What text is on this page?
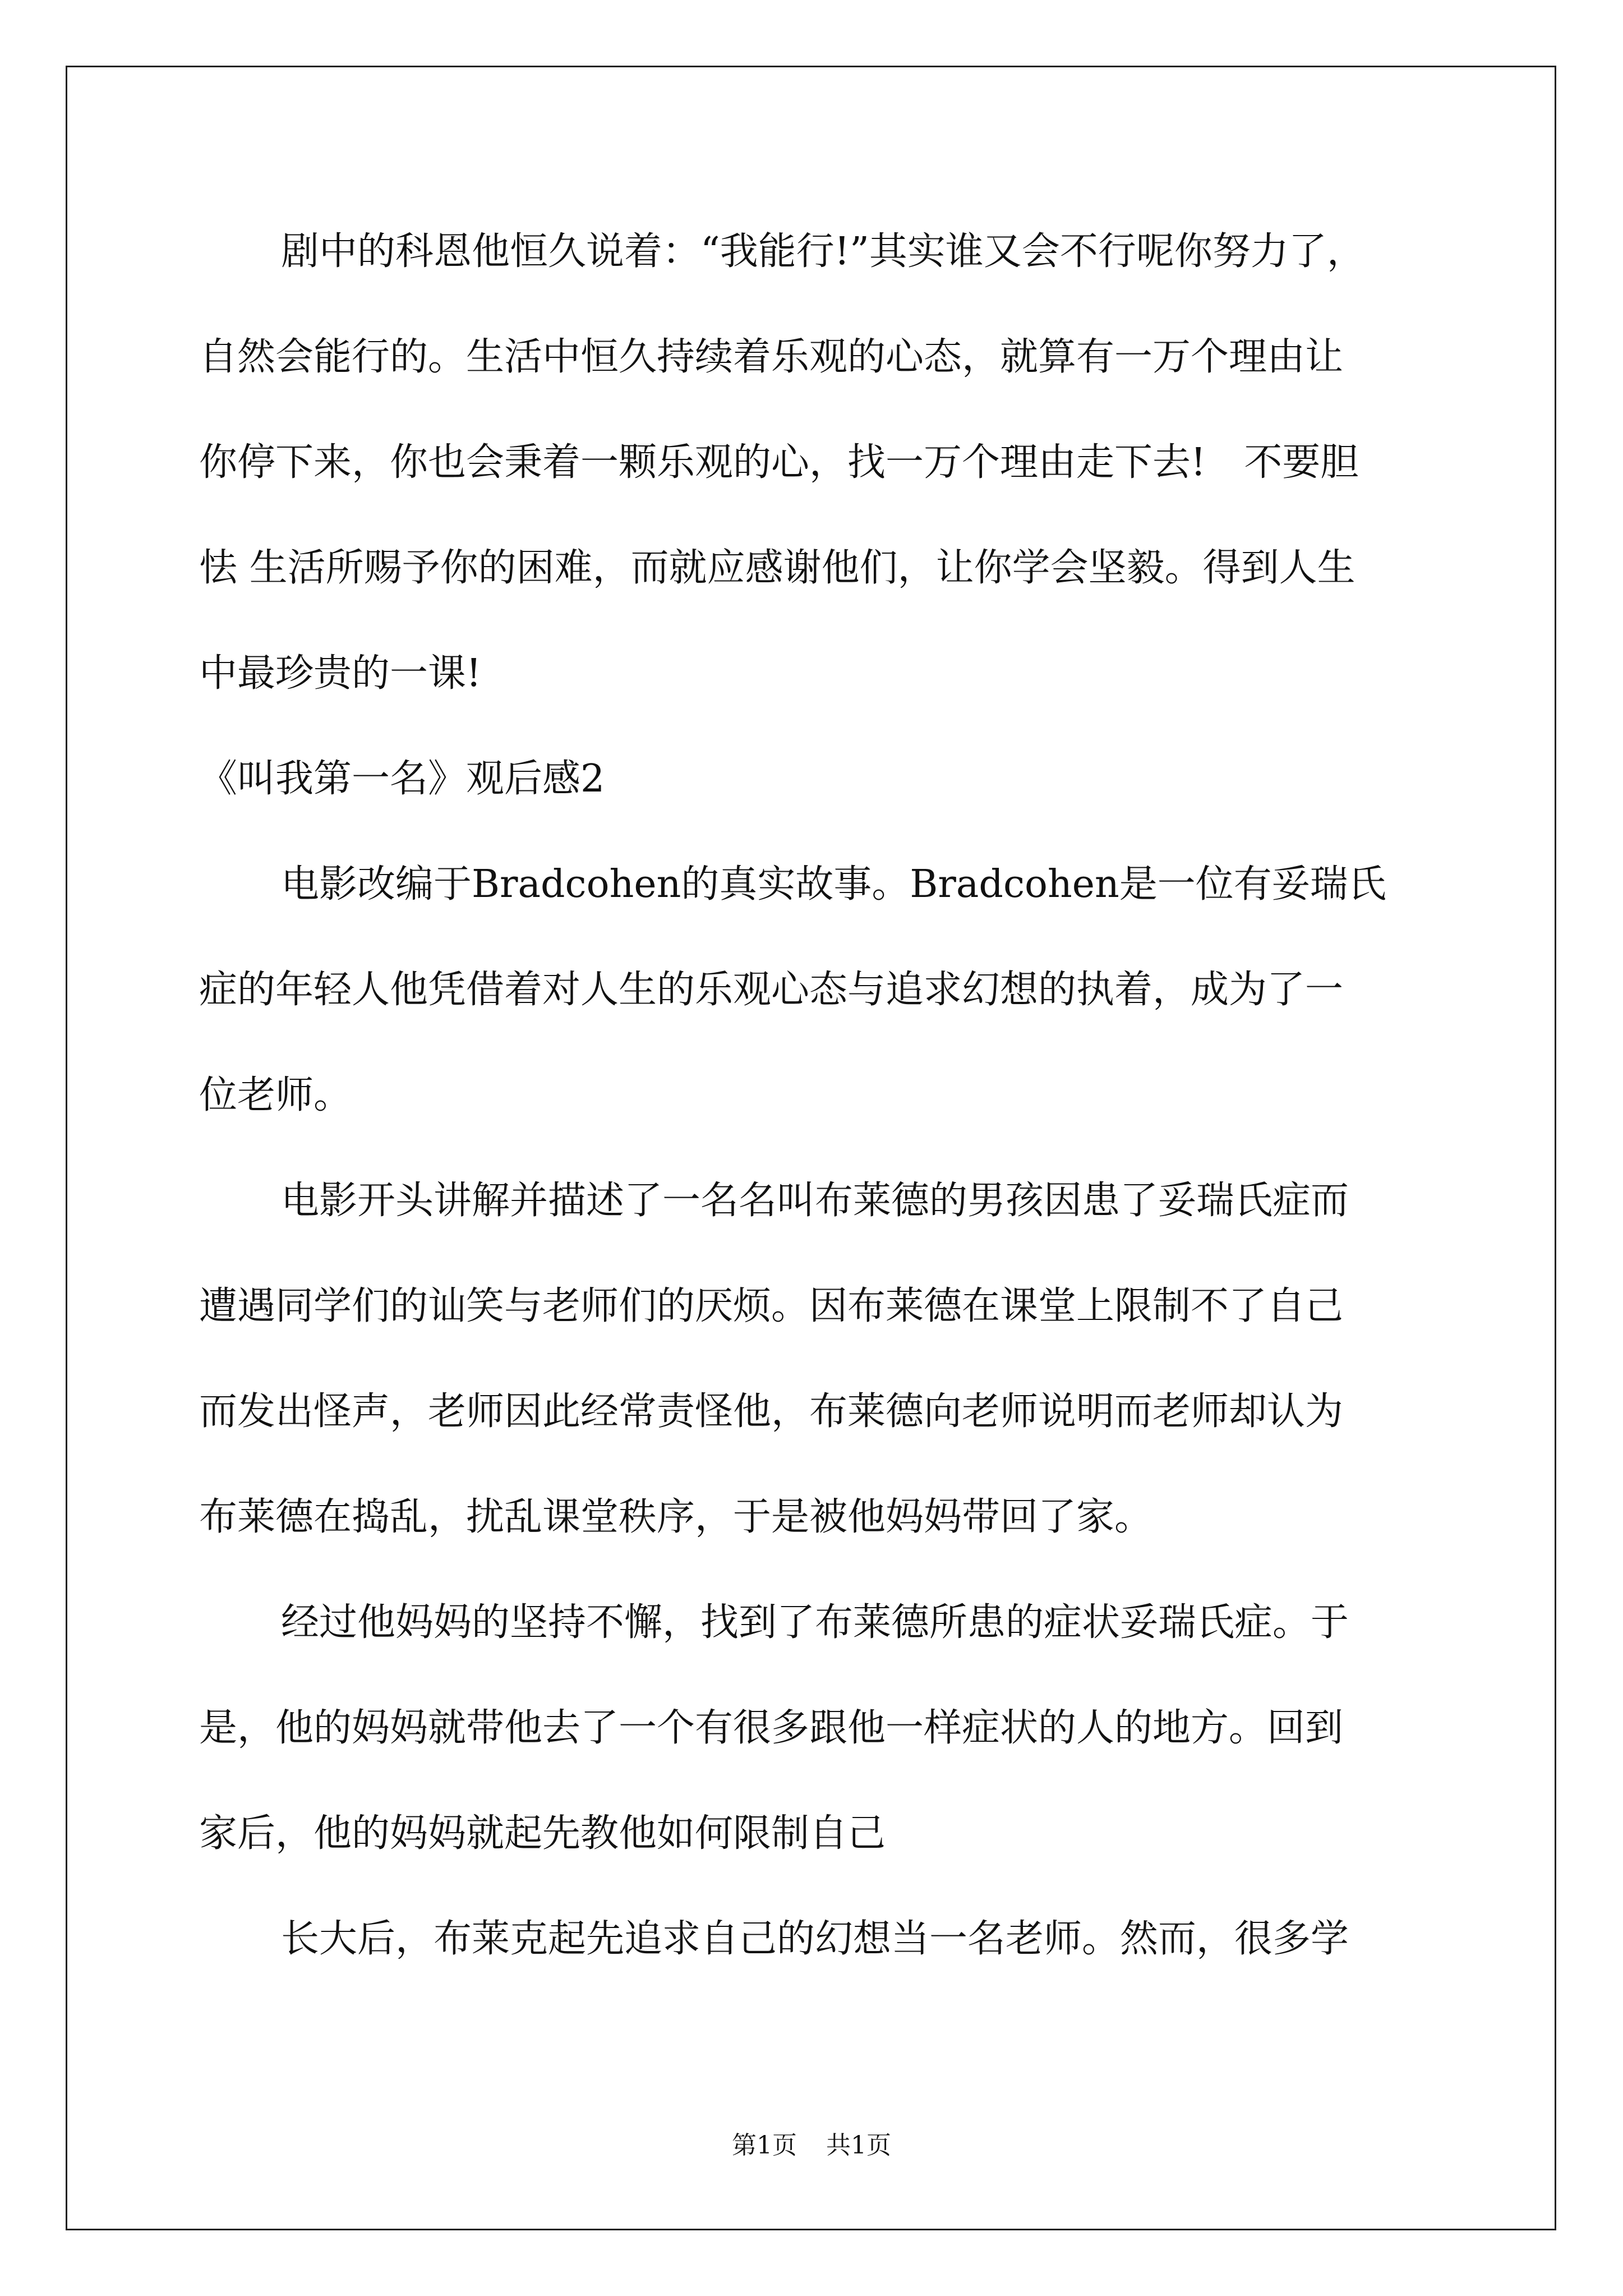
剧中的科恩他恒久说着：“我能行!”其实谁又会不行呢你努力了，
自然会能行的。生活中恒久持续着乐观的心态，就算有一万个理由让
你停下来，你也会秉着一颗乐观的心，找一万个理由走下去!　不要胆
怯 生活所赐予你的困难，而就应感谢他们，让你学会坚毅。得到人生
中最珍贵的一课!
《叫我第一名》观后感2
电影改编于Bradcohen的真实故事。Bradcohen是一位有妥瑞氏
症的年轻人他凭借着对人生的乐观心态与追求幻想的执着，成为了一
位老师。
电影开头讲解并描述了一名名叫布莱德的男孩因患了妥瑞氏症而
遭遇同学们的讪笑与老师们的厌烦。因布莱德在课堂上限制不了自己
而发出怪声，老师因此经常责怪他，布莱德向老师说明而老师却认为
布莱德在捣乱，扰乱课堂秩序，于是被他妈妈带回了家。
经过他妈妈的坚持不懈，找到了布莱德所患的症状妥瑞氏症。于
是，他的妈妈就带他去了一个有很多跟他一样症状的人的地方。回到
家后，他的妈妈就起先教他如何限制自己
长大后，布莱克起先追求自己的幻想当一名老师。然而，很多学
第1页 共1页
